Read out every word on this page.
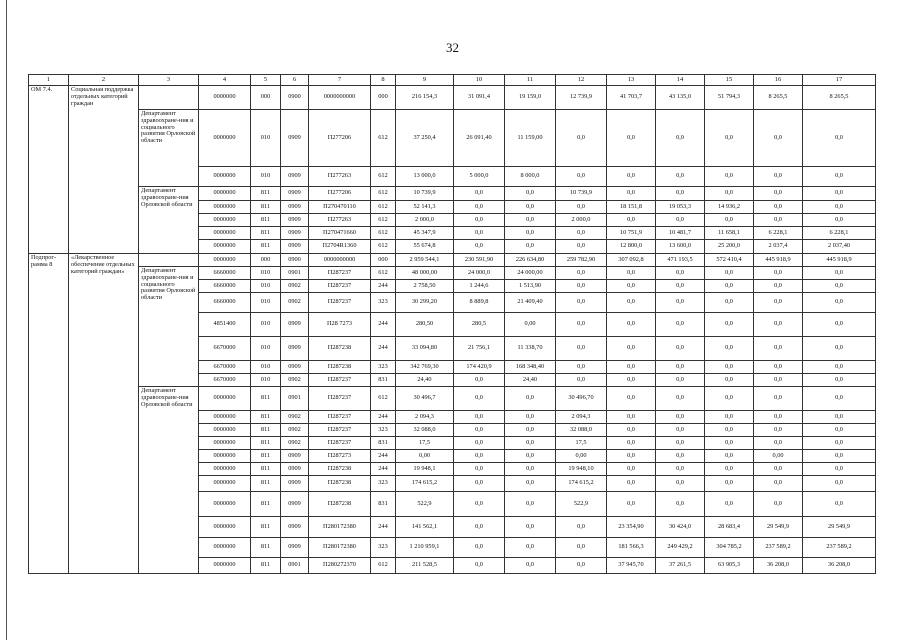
32
1	2	3	4	5	6	7	8	9	10	11	12	13	14	15	16	17
ОМ 7.4.	Социальная поддержка отдельных категорий граждан		0000000	000	0900	0000000000	000	216 154,3	31 091,4	19 159,0	12 739,9	41 703,7	43 135,0	51 794,3	8 265,5	8 265,5
		Департамент здравоохране-ния и социального развития Орловской области	0000000	010	0909	П277206	612	37 250,4	26 091,40	11 159,00	0,0	0,0	0,0	0,0	0,0	0,0
			0000000	010	0909	П277263	612	13 000,0	5 000,0	8 000,0	0,0	0,0	0,0	0,0	0,0	0,0
		Департамент здравоохране-ния Орловской области	0000000	811	0909	П277206	612	10 739,9	0,0	0,0	10 739,9	0,0	0,0	0,0	0,0	0,0
			0000000	811	0909	П270470110	612	52 141,3	0,0	0,0	0,0	18 151,8	19 053,3	14 936,2	0,0	0,0
			0000000	811	0909	П277263	612	2 000,0	0,0	0,0	2 000,0	0,0	0,0	0,0	0,0	0,0
			0000000	811	0909	П270471660	612	45 347,9	0,0	0,0	0,0	10 751,9	10 481,7	11 658,1	6 228,1	6 228,1
			0000000	811	0909	П2704R1360	612	55 674,8	0,0	0,0	0,0	12 800,0	13 600,0	25 200,0	2 037,4	2 037,40
Подпрог-рамма 8	«Лекарственное обеспечение отдельных категорий граждан»		0000000	000	0900	0000000000	000	2 959 544,1	230 591,90	226 634,80	259 782,90	307 092,8	471 193,5	572 410,4	445 918,9	445 918,9
		Департамент здравоохране-ния и социального развития Орловской области	6660000	010	0901	П287237	612	48 000,00	24 000,0	24 000,00	0,0	0,0	0,0	0,0	0,0	0,0
			6660000	010	0902	П287237	244	2 758,50	1 244,6	1 513,90	0,0	0,0	0,0	0,0	0,0	0,0
			6660000	010	0902	П287237	323	30 299,20	8 889,8	21 409,40	0,0	0,0	0,0	0,0	0,0	0,0
			4851400	010	0909	П28 7273	244	280,50	280,5	0,00	0,0	0,0	0,0	0,0	0,0	0,0
			6670000	010	0909	П287238	244	33 094,80	21 756,1	11 338,70	0,0	0,0	0,0	0,0	0,0	0,0
			6670000	010	0909	П287238	323	342 769,30	174 420,9	168 348,40	0,0	0,0	0,0	0,0	0,0	0,0
			6670000	010	0902	П287237	831	24,40	0,0	24,40	0,0	0,0	0,0	0,0	0,0	0,0
		Департамент здравоохране-ния Орловской области	0000000	811	0901	П287237	612	30 496,7	0,0	0,0	30 496,70	0,0	0,0	0,0	0,0	0,0
			0000000	811	0902	П287237	244	2 094,3	0,0	0,0	2 094,3	0,0	0,0	0,0	0,0	0,0
			0000000	811	0902	П287237	323	32 088,0	0,0	0,0	32 088,0	0,0	0,0	0,0	0,0	0,0
			0000000	811	0902	П287237	831	17,5	0,0	0,0	17,5	0,0	0,0	0,0	0,0	0,0
			0000000	811	0909	П287273	244	0,00	0,0	0,0	0,00	0,0	0,0	0,0	0,00	0,0
			0000000	811	0909	П287238	244	19 948,1	0,0	0,0	19 948,10	0,0	0,0	0,0	0,0	0,0
			0000000	811	0909	П287238	323	174 615,2	0,0	0,0	174 615,2	0,0	0,0	0,0	0,0	0,0
			0000000	811	0909	П287238	831	522,9	0,0	0,0	522,9	0,0	0,0	0,0	0,0	0,0
			0000000	811	0909	П280172380	244	141 562,1	0,0	0,0	0,0	23 354,90	30 424,0	28 683,4	29 549,9	29 549,9
			0000000	811	0909	П280172380	323	1 210 959,1	0,0	0,0	0,0	181 566,3	249 429,2	304 785,2	237 589,2	237 589,2
			0000000	811	0901	П280272370	612	211 528,5	0,0	0,0	0,0	37 945,70	37 261,5	63 905,3	36 208,0	36 208,0
